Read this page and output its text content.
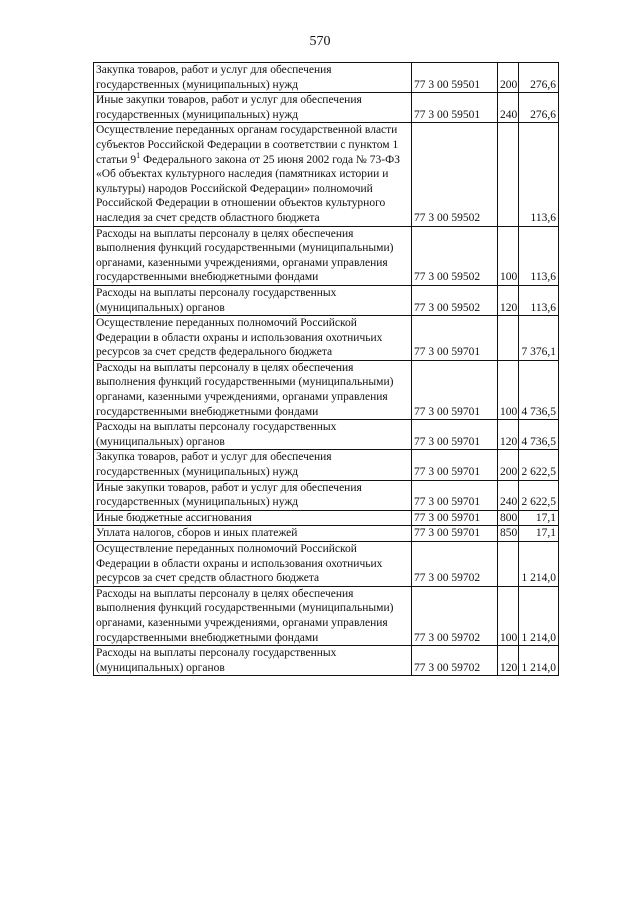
570
Закупка товаров, работ и услуг для обеспечения государственных (муниципальных) нужд	77 3 00 59501	200	276,6
Иные закупки товаров, работ и услуг для обеспечения государственных (муниципальных) нужд	77 3 00 59501	240	276,6
Осуществление переданных органам государственной власти субъектов Российской Федерации в соответствии с пунктом 1 статьи $9^1$ Федерального закона от 25 июня 2002 года № 73-ФЗ «Об объектах культурного наследия (памятниках истории и культуры) народов Российской Федерации» полномочий Российской Федерации в отношении объектов культурного наследия за счет средств областного бюджета	77 3 00 59502		113,6
Расходы на выплаты персоналу в целях обеспечения выполнения функций государственными (муниципальными) органами, казенными учреждениями, органами управления государственными внебюджетными фондами	77 3 00 59502	100	113,6
Расходы на выплаты персоналу государственных (муниципальных) органов	77 3 00 59502	120	113,6
Осуществление переданных полномочий Российской Федерации в области охраны и использования охотничьих ресурсов за счет средств федерального бюджета	77 3 00 59701		7 376,1
Расходы на выплаты персоналу в целях обеспечения выполнения функций государственными (муниципальными) органами, казенными учреждениями, органами управления государственными внебюджетными фондами	77 3 00 59701	100	4 736,5
Расходы на выплаты персоналу государственных (муниципальных) органов	77 3 00 59701	120	4 736,5
Закупка товаров, работ и услуг для обеспечения государственных (муниципальных) нужд	77 3 00 59701	200	2 622,5
Иные закупки товаров, работ и услуг для обеспечения государственных (муниципальных) нужд	77 3 00 59701	240	2 622,5
Иные бюджетные ассигнования	77 3 00 59701	800	17,1
Уплата налогов, сборов и иных платежей	77 3 00 59701	850	17,1
Осуществление переданных полномочий Российской Федерации в области охраны и использования охотничьих ресурсов за счет средств областного бюджета	77 3 00 59702		1 214,0
Расходы на выплаты персоналу в целях обеспечения выполнения функций государственными (муниципальными) органами, казенными учреждениями, органами управления государственными внебюджетными фондами	77 3 00 59702	100	1 214,0
Расходы на выплаты персоналу государственных (муниципальных) органов	77 3 00 59702	120	1 214,0
